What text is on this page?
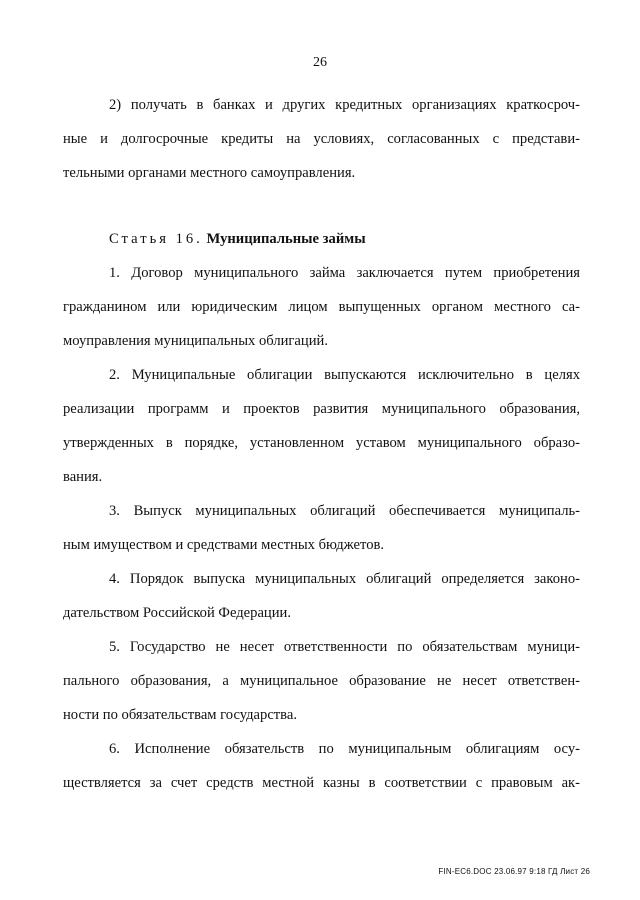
26

2) получать в банках и других кредитных организациях краткосроч-

ные и долгосрочные кредиты на условиях, согласованных с представи-

тельными органами местного самоуправления.

Статья 16. Муниципальные займы

1. Договор муниципального займа заключается путем приобретения

гражданином или юридическим лицом выпущенных органом местного са-

моуправления муниципальных облигаций.

2. Муниципальные облигации выпускаются исключительно в целях

реализации программ и проектов развития муниципального образования,

утвержденных в порядке, установленном уставом муниципального образо-

вания.

3. Выпуск муниципальных облигаций обеспечивается муниципаль-

ным имуществом и средствами местных бюджетов.

4. Порядок выпуска муниципальных облигаций определяется законо-

дательством Российской Федерации.

5. Государство не несет ответственности по обязательствам муници-

пального образования, а муниципальное образование не несет ответствен-

ности по обязательствам государства.

6. Исполнение обязательств по муниципальным облигациям осу-

ществляется за счет средств местной казны в соответствии с правовым ак-

FIN-EC6.DOC 23.06.97 9:18 ГД Лист 26
